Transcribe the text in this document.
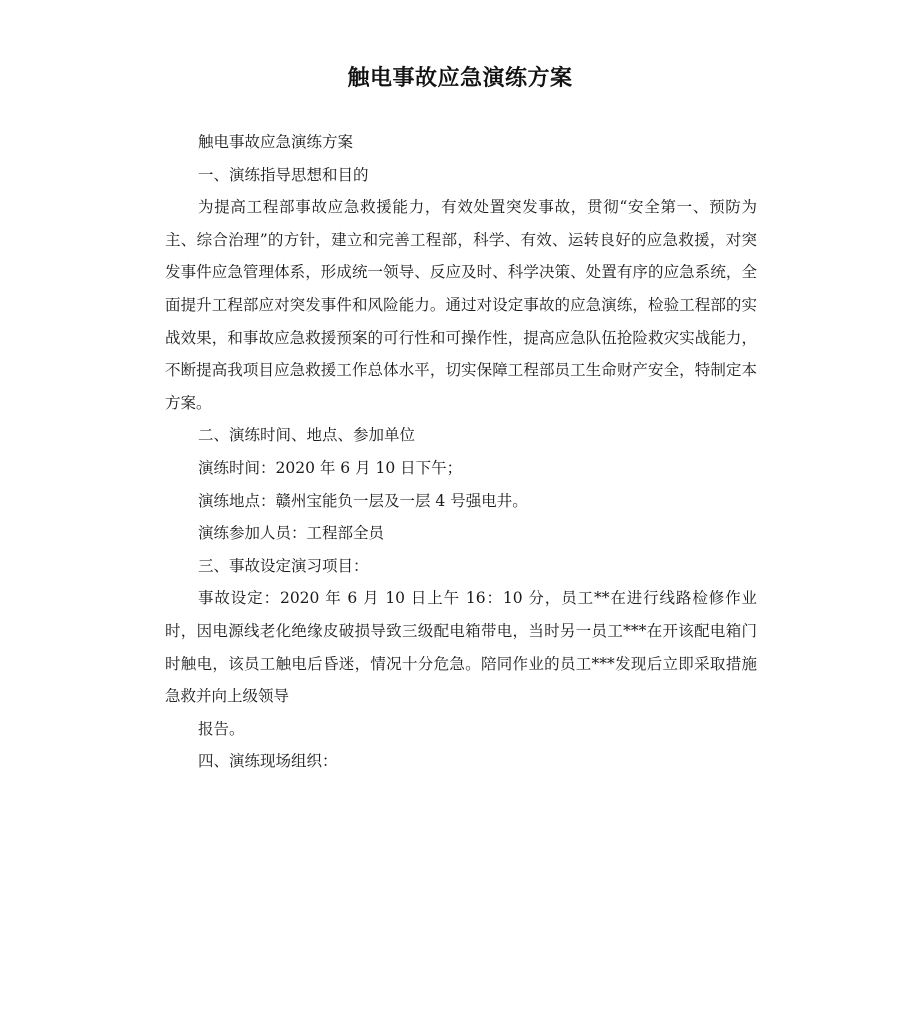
触电事故应急演练方案
触电事故应急演练方案
一、演练指导思想和目的
为提高工程部事故应急救援能力，有效处置突发事故，贯彻“安全第一、预防为主、综合治理”的方针，建立和完善工程部，科学、有效、运转良好的应急救援，对突发事件应急管理体系，形成统一领导、反应及时、科学决策、处置有序的应急系统，全面提升工程部应对突发事件和风险能力。通过对设定事故的应急演练，检验工程部的实战效果，和事故应急救援预案的可行性和可操作性，提高应急队伍抢险救灾实战能力，不断提高我项目应急救援工作总体水平，切实保障工程部员工生命财产安全，特制定本方案。
二、演练时间、地点、参加单位
演练时间：2020 年 6 月 10 日下午；
演练地点：赣州宝能负一层及一层 4 号强电井。
演练参加人员：工程部全员
三、事故设定演习项目：
事故设定：2020 年 6 月 10 日上午 16：10 分，员工**在进行线路检修作业时，因电源线老化绝缘皮破损导致三级配电箱带电，当时另一员工***在开该配电箱门时触电，该员工触电后昏迷，情况十分危急。陪同作业的员工***发现后立即采取措施急救并向上级领导
报告。
四、演练现场组织：
